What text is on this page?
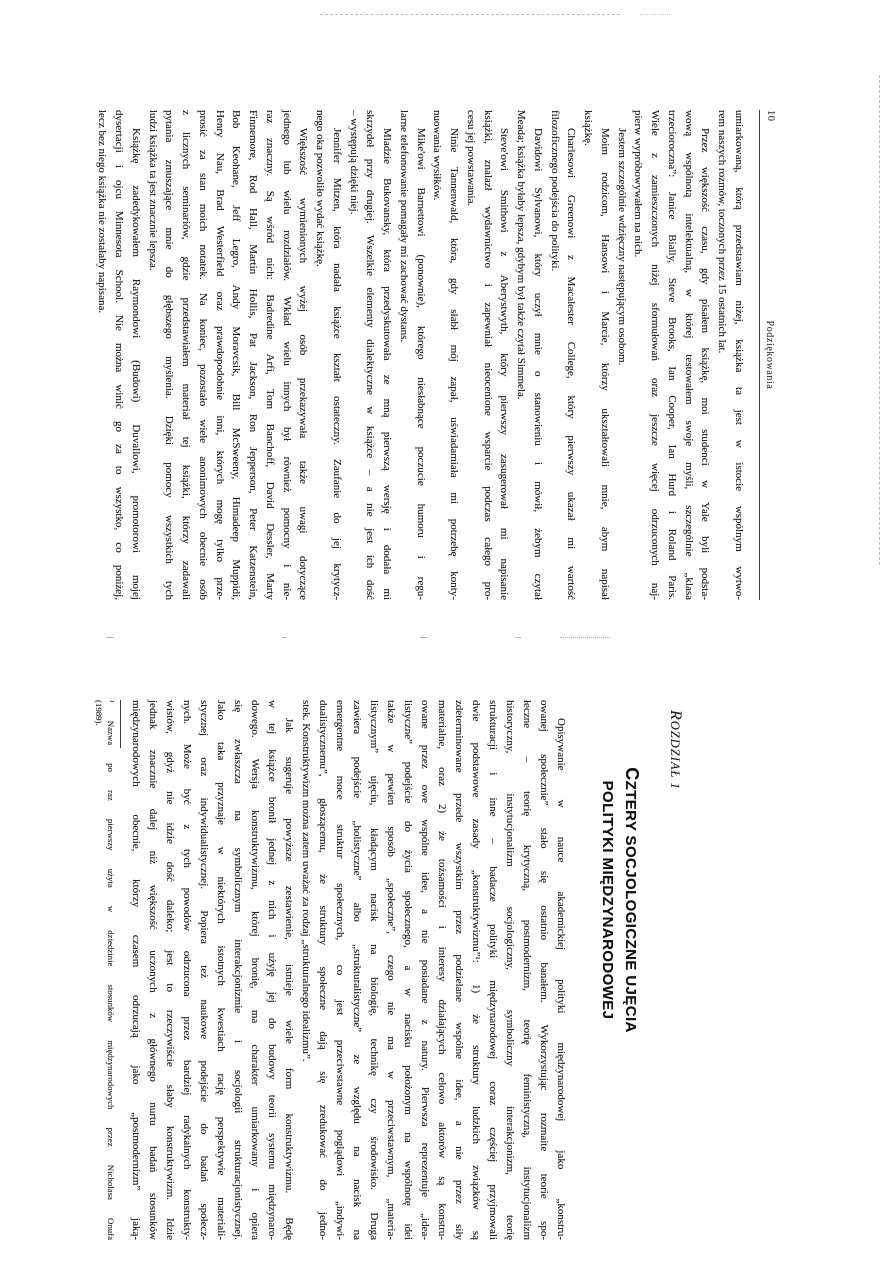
10
Podziękowania
umiarkowaną, którą przedstawiam niżej, książka ta jest w istocie wspólnym wytwo-
rem naszych rozmów, toczonych przez 15 ostatnich lat.
Przez większość czasu, gdy pisałem książkę, moi studenci w Yale byli podsta-
wową wspólnotą intelektualną, w której testowałem swoje myśli, szczególnie „klasa
trzecioroczna”: Janice Bially, Steve Brooks, Ian Cooper, Ian Hurd i Roland Paris.
Wiele z zamieszczonych niżej sformułowań oraz jeszcze więcej odrzuconych naj-
pierw wypróbowywałem na nich.
Jestem szczególnie wdzięczny następującym osobom.
Moim rodzicom, Hansowi i Marcie, którzy ukształtowali mnie, abym napisał
książkę.
Charlesowi Greenowi z Macalester College, który pierwszy ukazał mi wartość
filozoficznego podejścia do polityki.
Davidowi Sylvanowi, który uczył mnie o stanowieniu i mówił, żebym czytał
Meada; książka byłaby lepsza, gdybym był także czytał Simmela.
Steve'owi Smithowi z Aberystwyth, który pierwszy zasugerował mi napisanie
książki, znalazł wydawnictwo i zapewniał nieocenione wsparcie podczas całego pro-
cesu jej powstawania.
Ninie Tannenwald, która, gdy słabł mój zapał, uświadamiała mi potrzebę konty-
nuowania wysiłków.
Mike'owi Barnettowi (ponownie), którego niesłabnące poczucie humoru i regu-
larne telefonowanie pomagały mi zachować dystans.
Mladzie Bukovansky, która przedyskutowała ze mną pierwszą wersję i dodała mi
skrzydeł przy drugiej. Wszelkie elementy dialektyczne w książce – a nie jest ich dość
– występują dzięki niej.
Jennifer Mitzen, która nadała książce kształt ostateczny. Zaufanie do jej krytycz-
nego oka pozwoliło wydać książkę.
Większość wymienionych wyżej osób przekazywała także uwagi dotyczące
jednego lub wielu rozdziałów. Wkład wielu innych był również pomocny i nie-
raz znaczny. Są wśród nich: Badredine Arfi, Tom Banchoff, David Dessler, Marty
Finnemore, Rod Hall, Martin Hollis, Pat Jackson, Ron Jepperson, Peter Katzenstein,
Bob Keohane, Jeff Legro, Andy Moravcsik, Bill McSweeny, Himadeep Muppidi,
Henry Nau, Brad Westerfield oraz prawdopodobnie inni, których mogę tylko prze-
prosić za stan moich notatek. Na koniec, pozostało wiele anonimowych obecnie osób
z licznych seminariów, gdzie przedstawiałem materiał tej książki, którzy zadawali
pytania zmuszające mnie do głębszego myślenia. Dzięki pomocy wszystkich tych
ludzi książka ta jest znacznie lepsza.
Książkę zadedykowałem Raymondowi (Budowi) Duvallowi, promotorowi mojej
dysertacji i ojcu Minnesota School. Nie można winić go za to wszystko, co poniżej,
lecz bez niego książka nie zostałaby napisana.
ROZDZIAŁ 1
CZTERY SOCJOLOGICZNE UJĘCIA
POLITYKI MIĘDZYNARODOWEJ
Opisywanie w nauce akademickiej polityki międzynarodowej jako „konstru-
owanej społecznie” stało się ostatnio banałem. Wykorzystując rozmaite teorie spo-
łeczne – teorię krytyczną, postmodernizm, teorię feministyczną, instytucjonalizm
historyczny, instytucjonalizm socjologiczny, symboliczny interakcjonizm, teorię
strukturacji i inne – badacze polityki międzynarodowej coraz częściej przyjmowali
dwie podstawowe zasady „konstruktywizmu”¹: 1) że struktury ludzkich związków są
zdeterminowane przede wszystkim przez podzielane wspólne idee, a nie przez siły
materialne, oraz 2) że tożsamości i interesy działających celowo aktorów są konstru-
owane przez owe wspólne idee, a nie posiadane z natury. Pierwsza reprezentuje „idea-
listyczne” podejście do życia społecznego, a w nacisku położonym na wspólnotę idei
także w pewien sposób „społeczne”, czego nie ma w przeciwstawnym, „materia-
listycznym” ujęciu, kładącym nacisk na biologię, technikę czy środowisko. Druga
zawiera podejście „holistyczne” albo „strukturalistyczne” ze względu na nacisk na
emergentne moce struktur społecznych, co jest przeciwstawne poglądowi „indywi-
dualistycznemu”, głoszącemu, że struktury społeczne dają się zredukować do jedno-
stek. Konstruktywizm można zatem uważać za rodzaj „strukturalnego idealizmu”.
Jak sugeruje powyższe zestawienie, istnieje wiele form konstruktywizmu. Będę
w tej książce bronił jednej z nich i użyję jej do budowy teorii systemu międzynaro-
dowego. Wersja konstruktywizmu, której bronię, ma charakter umiarkowany i opiera
się zwłaszcza na symbolicznym interakcjonizmie i socjologii strukturacjonistycznej.
Jako taka przyznaje w niektórych istotnych kwestiach rację perspektywie materiali-
stycznej oraz indywidualistycznej. Popiera też naukowe podejście do badań społecz-
nych. Może być z tych powodów odrzucona przez bardziej radykalnych konstrukty-
wistów, gdyż nie idzie dość daleko; jest to rzeczywiście słaby konstruktywizm. Idzie
jednak znacznie dalej niż większość uczonych z głównego nurtu badań stosunków
międzynarodowych obecnie, którzy czasem odrzucają jako „postmodernizm” jaką-
¹ Nazwa po raz pierwszy użyta w dziedzinie stosunków międzynarodowych przez Nicholasa Onufa
(1989).
